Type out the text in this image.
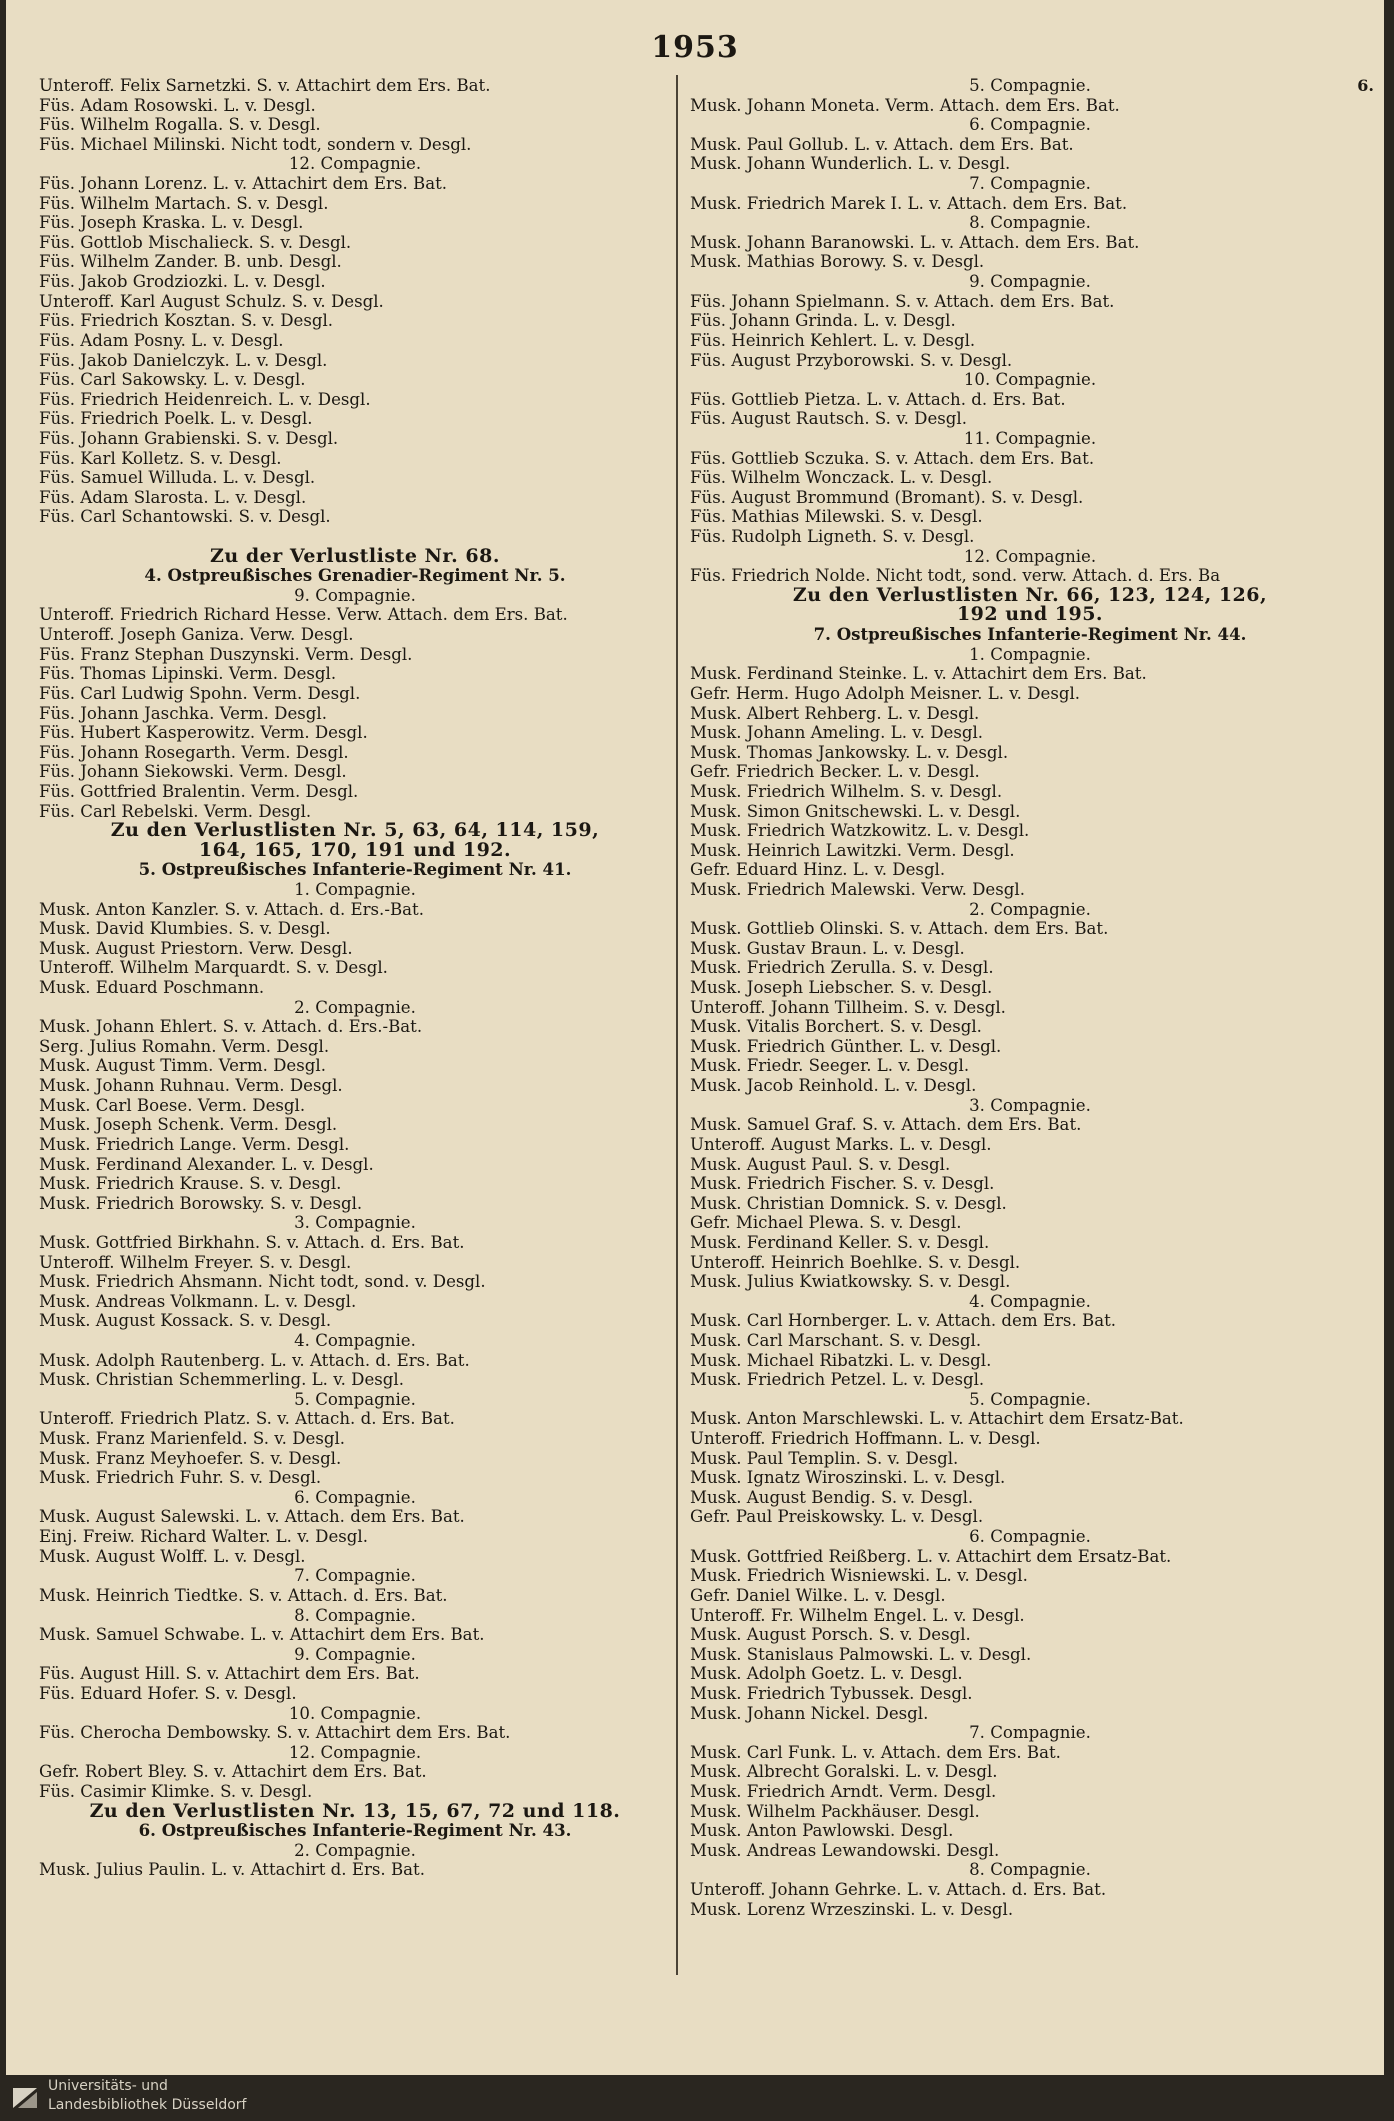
1953
6.
Unteroff. Felix Sarnetzki. S. v. Attachirt dem Ers. Bat.
Füs. Adam Rosowski. L. v. Desgl.
Füs. Wilhelm Rogalla. S. v. Desgl.
Füs. Michael Milinski. Nicht todt, sondern v. Desgl.
12. Compagnie.
Füs. Johann Lorenz. L. v. Attachirt dem Ers. Bat.
Füs. Wilhelm Martach. S. v. Desgl.
Füs. Joseph Kraska. L. v. Desgl.
Füs. Gottlob Mischalieck. S. v. Desgl.
Füs. Wilhelm Zander. B. unb. Desgl.
Füs. Jakob Grodziozki. L. v. Desgl.
Unteroff. Karl August Schulz. S. v. Desgl.
Füs. Friedrich Kosztan. S. v. Desgl.
Füs. Adam Posny. L. v. Desgl.
Füs. Jakob Danielczyk. L. v. Desgl.
Füs. Carl Sakowsky. L. v. Desgl.
Füs. Friedrich Heidenreich. L. v. Desgl.
Füs. Friedrich Poelk. L. v. Desgl.
Füs. Johann Grabienski. S. v. Desgl.
Füs. Karl Kolletz. S. v. Desgl.
Füs. Samuel Willuda. L. v. Desgl.
Füs. Adam Slarosta. L. v. Desgl.
Füs. Carl Schantowski. S. v. Desgl.
Zu der Verlustliste Nr. 68.
4. Ostpreußisches Grenadier-Regiment Nr. 5.
9. Compagnie.
Unteroff. Friedrich Richard Hesse. Verw. Attach. dem Ers. Bat.
Unteroff. Joseph Ganiza. Verw. Desgl.
Füs. Franz Stephan Duszynski. Verm. Desgl.
Füs. Thomas Lipinski. Verm. Desgl.
Füs. Carl Ludwig Spohn. Verm. Desgl.
Füs. Johann Jaschka. Verm. Desgl.
Füs. Hubert Kasperowitz. Verm. Desgl.
Füs. Johann Rosegarth. Verm. Desgl.
Füs. Johann Siekowski. Verm. Desgl.
Füs. Gottfried Bralentin. Verm. Desgl.
Füs. Carl Rebelski. Verm. Desgl.
Zu den Verlustlisten Nr. 5, 63, 64, 114, 159,
164, 165, 170, 191 und 192.
5. Ostpreußisches Infanterie-Regiment Nr. 41.
1. Compagnie.
Musk. Anton Kanzler. S. v. Attach. d. Ers.-Bat.
Musk. David Klumbies. S. v. Desgl.
Musk. August Priestorn. Verw. Desgl.
Unteroff. Wilhelm Marquardt. S. v. Desgl.
Musk. Eduard Poschmann.
2. Compagnie.
Musk. Johann Ehlert. S. v. Attach. d. Ers.-Bat.
Serg. Julius Romahn. Verm. Desgl.
Musk. August Timm. Verm. Desgl.
Musk. Johann Ruhnau. Verm. Desgl.
Musk. Carl Boese. Verm. Desgl.
Musk. Joseph Schenk. Verm. Desgl.
Musk. Friedrich Lange. Verm. Desgl.
Musk. Ferdinand Alexander. L. v. Desgl.
Musk. Friedrich Krause. S. v. Desgl.
Musk. Friedrich Borowsky. S. v. Desgl.
3. Compagnie.
Musk. Gottfried Birkhahn. S. v. Attach. d. Ers. Bat.
Unteroff. Wilhelm Freyer. S. v. Desgl.
Musk. Friedrich Ahsmann. Nicht todt, sond. v. Desgl.
Musk. Andreas Volkmann. L. v. Desgl.
Musk. August Kossack. S. v. Desgl.
4. Compagnie.
Musk. Adolph Rautenberg. L. v. Attach. d. Ers. Bat.
Musk. Christian Schemmerling. L. v. Desgl.
5. Compagnie.
Unteroff. Friedrich Platz. S. v. Attach. d. Ers. Bat.
Musk. Franz Marienfeld. S. v. Desgl.
Musk. Franz Meyhoefer. S. v. Desgl.
Musk. Friedrich Fuhr. S. v. Desgl.
6. Compagnie.
Musk. August Salewski. L. v. Attach. dem Ers. Bat.
Einj. Freiw. Richard Walter. L. v. Desgl.
Musk. August Wolff. L. v. Desgl.
7. Compagnie.
Musk. Heinrich Tiedtke. S. v. Attach. d. Ers. Bat.
8. Compagnie.
Musk. Samuel Schwabe. L. v. Attachirt dem Ers. Bat.
9. Compagnie.
Füs. August Hill. S. v. Attachirt dem Ers. Bat.
Füs. Eduard Hofer. S. v. Desgl.
10. Compagnie.
Füs. Cherocha Dembowsky. S. v. Attachirt dem Ers. Bat.
12. Compagnie.
Gefr. Robert Bley. S. v. Attachirt dem Ers. Bat.
Füs. Casimir Klimke. S. v. Desgl.
Zu den Verlustlisten Nr. 13, 15, 67, 72 und 118.
6. Ostpreußisches Infanterie-Regiment Nr. 43.
2. Compagnie.
Musk. Julius Paulin. L. v. Attachirt d. Ers. Bat.
5. Compagnie.
Musk. Johann Moneta. Verm. Attach. dem Ers. Bat.
6. Compagnie.
Musk. Paul Gollub. L. v. Attach. dem Ers. Bat.
Musk. Johann Wunderlich. L. v. Desgl.
7. Compagnie.
Musk. Friedrich Marek I. L. v. Attach. dem Ers. Bat.
8. Compagnie.
Musk. Johann Baranowski. L. v. Attach. dem Ers. Bat.
Musk. Mathias Borowy. S. v. Desgl.
9. Compagnie.
Füs. Johann Spielmann. S. v. Attach. dem Ers. Bat.
Füs. Johann Grinda. L. v. Desgl.
Füs. Heinrich Kehlert. L. v. Desgl.
Füs. August Przyborowski. S. v. Desgl.
10. Compagnie.
Füs. Gottlieb Pietza. L. v. Attach. d. Ers. Bat.
Füs. August Rautsch. S. v. Desgl.
11. Compagnie.
Füs. Gottlieb Sczuka. S. v. Attach. dem Ers. Bat.
Füs. Wilhelm Wonczack. L. v. Desgl.
Füs. August Brommund (Bromant). S. v. Desgl.
Füs. Mathias Milewski. S. v. Desgl.
Füs. Rudolph Ligneth. S. v. Desgl.
12. Compagnie.
Füs. Friedrich Nolde. Nicht todt, sond. verw. Attach. d. Ers. Ba
Zu den Verlustlisten Nr. 66, 123, 124, 126,
192 und 195.
7. Ostpreußisches Infanterie-Regiment Nr. 44.
1. Compagnie.
Musk. Ferdinand Steinke. L. v. Attachirt dem Ers. Bat.
Gefr. Herm. Hugo Adolph Meisner. L. v. Desgl.
Musk. Albert Rehberg. L. v. Desgl.
Musk. Johann Ameling. L. v. Desgl.
Musk. Thomas Jankowsky. L. v. Desgl.
Gefr. Friedrich Becker. L. v. Desgl.
Musk. Friedrich Wilhelm. S. v. Desgl.
Musk. Simon Gnitschewski. L. v. Desgl.
Musk. Friedrich Watzkowitz. L. v. Desgl.
Musk. Heinrich Lawitzki. Verm. Desgl.
Gefr. Eduard Hinz. L. v. Desgl.
Musk. Friedrich Malewski. Verw. Desgl.
2. Compagnie.
Musk. Gottlieb Olinski. S. v. Attach. dem Ers. Bat.
Musk. Gustav Braun. L. v. Desgl.
Musk. Friedrich Zerulla. S. v. Desgl.
Musk. Joseph Liebscher. S. v. Desgl.
Unteroff. Johann Tillheim. S. v. Desgl.
Musk. Vitalis Borchert. S. v. Desgl.
Musk. Friedrich Günther. L. v. Desgl.
Musk. Friedr. Seeger. L. v. Desgl.
Musk. Jacob Reinhold. L. v. Desgl.
3. Compagnie.
Musk. Samuel Graf. S. v. Attach. dem Ers. Bat.
Unteroff. August Marks. L. v. Desgl.
Musk. August Paul. S. v. Desgl.
Musk. Friedrich Fischer. S. v. Desgl.
Musk. Christian Domnick. S. v. Desgl.
Gefr. Michael Plewa. S. v. Desgl.
Musk. Ferdinand Keller. S. v. Desgl.
Unteroff. Heinrich Boehlke. S. v. Desgl.
Musk. Julius Kwiatkowsky. S. v. Desgl.
4. Compagnie.
Musk. Carl Hornberger. L. v. Attach. dem Ers. Bat.
Musk. Carl Marschant. S. v. Desgl.
Musk. Michael Ribatzki. L. v. Desgl.
Musk. Friedrich Petzel. L. v. Desgl.
5. Compagnie.
Musk. Anton Marschlewski. L. v. Attachirt dem Ersatz-Bat.
Unteroff. Friedrich Hoffmann. L. v. Desgl.
Musk. Paul Templin. S. v. Desgl.
Musk. Ignatz Wiroszinski. L. v. Desgl.
Musk. August Bendig. S. v. Desgl.
Gefr. Paul Preiskowsky. L. v. Desgl.
6. Compagnie.
Musk. Gottfried Reißberg. L. v. Attachirt dem Ersatz-Bat.
Musk. Friedrich Wisniewski. L. v. Desgl.
Gefr. Daniel Wilke. L. v. Desgl.
Unteroff. Fr. Wilhelm Engel. L. v. Desgl.
Musk. August Porsch. S. v. Desgl.
Musk. Stanislaus Palmowski. L. v. Desgl.
Musk. Adolph Goetz. L. v. Desgl.
Musk. Friedrich Tybussek. Desgl.
Musk. Johann Nickel. Desgl.
7. Compagnie.
Musk. Carl Funk. L. v. Attach. dem Ers. Bat.
Musk. Albrecht Goralski. L. v. Desgl.
Musk. Friedrich Arndt. Verm. Desgl.
Musk. Wilhelm Packhäuser. Desgl.
Musk. Anton Pawlowski. Desgl.
Musk. Andreas Lewandowski. Desgl.
8. Compagnie.
Unteroff. Johann Gehrke. L. v. Attach. d. Ers. Bat.
Musk. Lorenz Wrzeszinski. L. v. Desgl.
Universitäts- und
Landesbibliothek Düsseldorf
